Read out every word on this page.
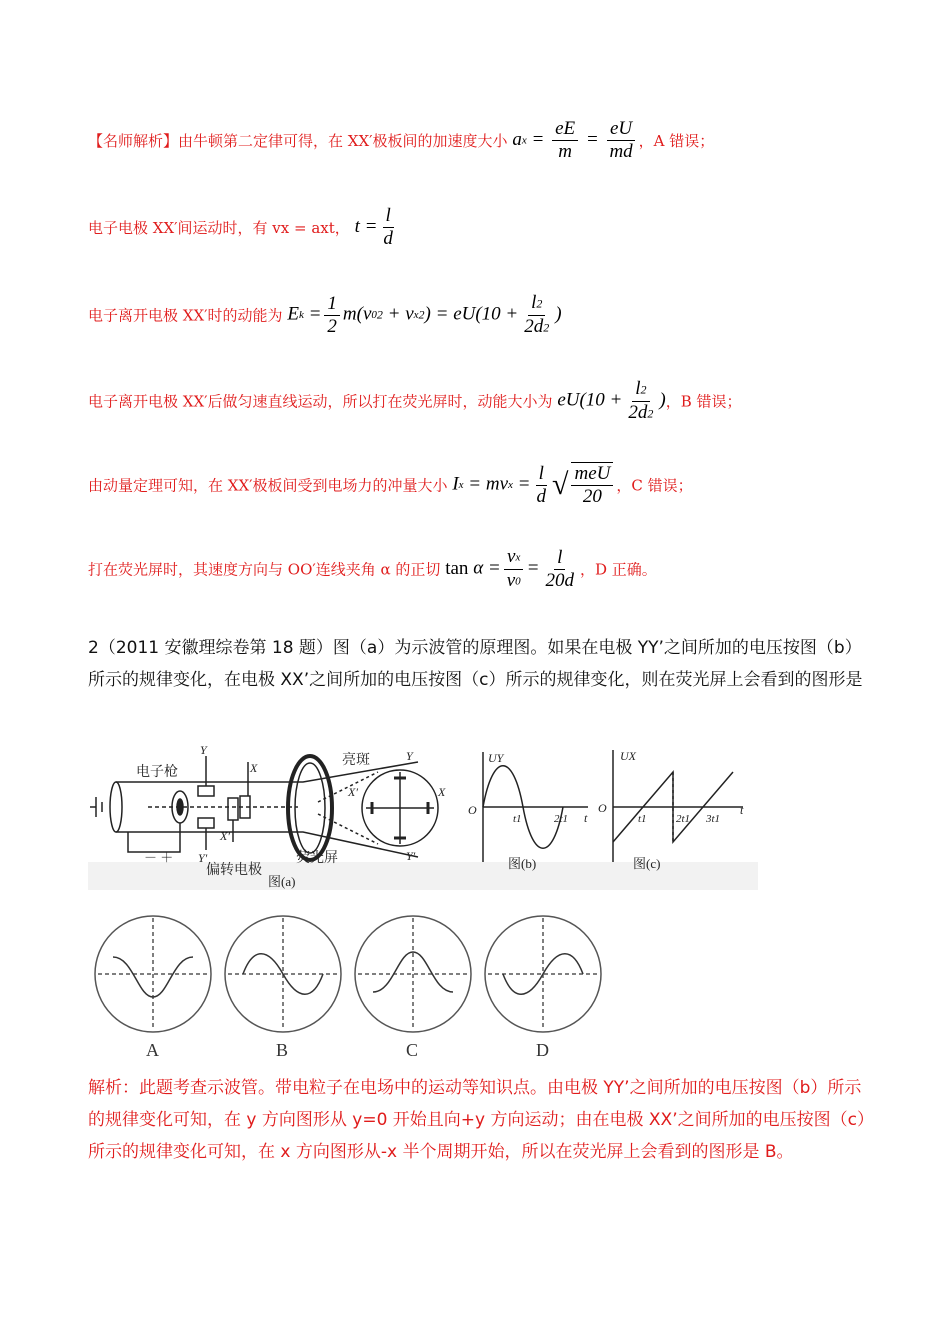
【名师解析】由牛顿第二定律可得，在 XX′极板间的加速度大小 ax = $\frac{eE}{m} = \frac{eU}{md}$ ，A 错误；
电子电极 XX′间运动时，有 vx = axt， $t = \frac{l}{d}$
电子离开电极 XX′时的动能为 $Ek = \frac{1}{2} m(v02 + vx2) = eU(10 + \frac{l2}{2d2}$ )
电子离开电极 XX′后做匀速直线运动，所以打在荧光屏时，动能大小为 $eU(10 + \frac{l2}{2d2}$ )，B 错误；
由动量定理可知，在 XX′极板间受到电场力的冲量大小 Ix = mvx = $\frac{l}{d}$ √ $\frac{\text{meU}}{20}$ ，C 错误；
打在荧光屏时，其速度方向与 OO′连线夹角 α 的正切 $\tan \alpha = \frac{vx}{v0} = \frac{l}{20d}$ ，D 正确。
2（2011 安徽理综卷第 18 题）图（a）为示波管的原理图。如果在电极 YY’之间所加的电压按图（b）所示的规律变化，在电极 XX’之间所加的电压按图（c）所示的规律变化，则在荧光屏上会看到的图形是
电子枪
偏转电极
荧光屏
－ ＋
图(a)
Y
Y′
X′
X	亮斑
X′	X
Y
Y′
UY
O
t1	2t1 t
图(b)
UX
O
t1	2t1 3t1
t
图(c)
A	B	C	D
解析：此题考查示波管。带电粒子在电场中的运动等知识点。由电极 YY’之间所加的电压按图（b）所示的规律变化可知，在 y 方向图形从 y=0 开始且向+y 方向运动；由在电极 XX’之间所加的电压按图（c）所示的规律变化可知，在 x 方向图形从-x 半个周期开始，所以在荧光屏上会看到的图形是 B。
